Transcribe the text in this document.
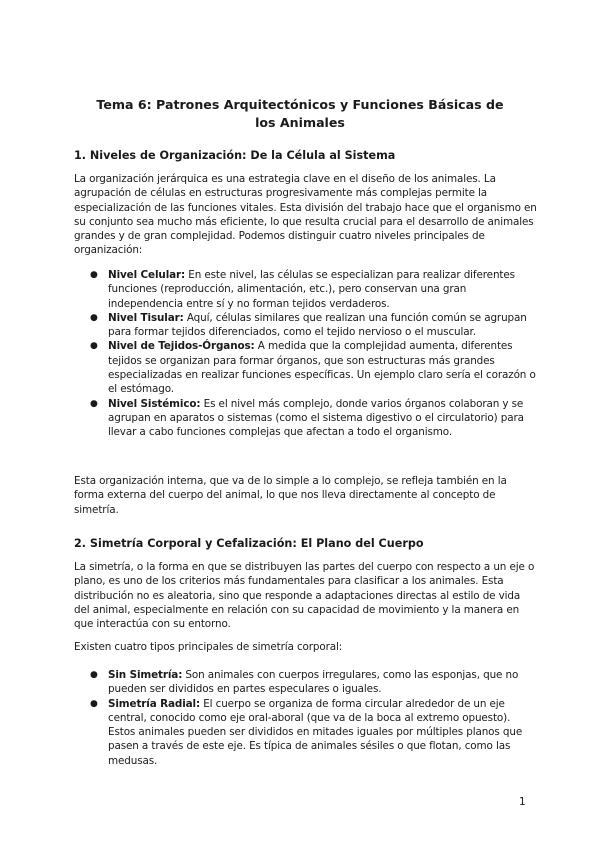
Tema 6: Patrones Arquitectónicos y Funciones Básicas de los Animales
1. Niveles de Organización: De la Célula al Sistema

La organización jerárquica es una estrategia clave en el diseño de los animales. La agrupación de células en estructuras progresivamente más complejas permite la especialización de las funciones vitales. Esta división del trabajo hace que el organismo en su conjunto sea mucho más eficiente, lo que resulta crucial para el desarrollo de animales grandes y de gran complejidad. Podemos distinguir cuatro niveles principales de organización:

● Nivel Celular: En este nivel, las células se especializan para realizar diferentes funciones (reproducción, alimentación, etc.), pero conservan una gran independencia entre sí y no forman tejidos verdaderos.
● Nivel Tisular: Aquí, células similares que realizan una función común se agrupan para formar tejidos diferenciados, como el tejido nervioso o el muscular.
● Nivel de Tejidos-Órganos: A medida que la complejidad aumenta, diferentes tejidos se organizan para formar órganos, que son estructuras más grandes especializadas en realizar funciones específicas. Un ejemplo claro sería el corazón o el estómago.
● Nivel Sistémico: Es el nivel más complejo, donde varios órganos colaboran y se agrupan en aparatos o sistemas (como el sistema digestivo o el circulatorio) para llevar a cabo funciones complejas que afectan a todo el organismo.

Esta organización interna, que va de lo simple a lo complejo, se refleja también en la forma externa del cuerpo del animal, lo que nos lleva directamente al concepto de simetría.

2. Simetría Corporal y Cefalización: El Plano del Cuerpo

La simetría, o la forma en que se distribuyen las partes del cuerpo con respecto a un eje o plano, es uno de los criterios más fundamentales para clasificar a los animales. Esta distribución no es aleatoria, sino que responde a adaptaciones directas al estilo de vida del animal, especialmente en relación con su capacidad de movimiento y la manera en que interactúa con su entorno.

Existen cuatro tipos principales de simetría corporal:

● Sin Simetría: Son animales con cuerpos irregulares, como las esponjas, que no pueden ser divididos en partes especulares o iguales.
● Simetría Radial: El cuerpo se organiza de forma circular alrededor de un eje central, conocido como eje oral-aboral (que va de la boca al extremo opuesto). Estos animales pueden ser divididos en mitades iguales por múltiples planos que pasen a través de este eje. Es típica de animales sésiles o que flotan, como las medusas.
1
